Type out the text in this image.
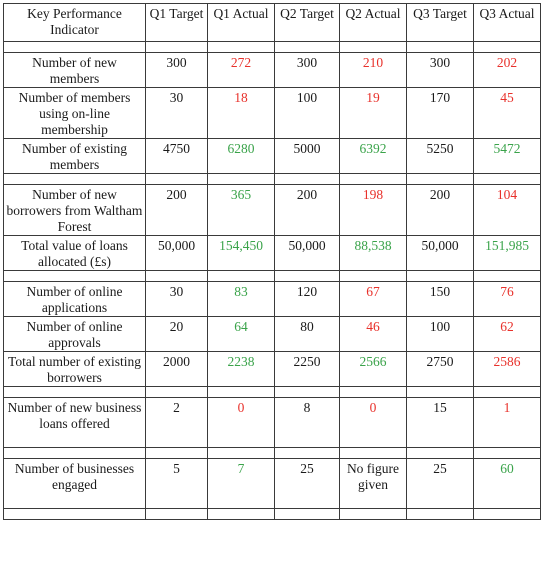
Key Performance Indicator	Q1 Target	Q1 Actual	Q2 Target	Q2 Actual	Q3 Target	Q3 Actual

Number of new members	300	272	300	210	300	202
Number of members using on-line membership	30	18	100	19	170	45
Number of existing members	4750	6280	5000	6392	5250	5472

Number of new borrowers from Waltham Forest	200	365	200	198	200	104
Total value of loans allocated (£s)	50,000	154,450	50,000	88,538	50,000	151,985

Number of online applications	30	83	120	67	150	76
Number of online approvals	20	64	80	46	100	62
Total number of existing borrowers	2000	2238	2250	2566	2750	2586

Number of new business loans offered	2	0	8	0	15	1

Number of businesses engaged	5	7	25	No figure given	25	60
